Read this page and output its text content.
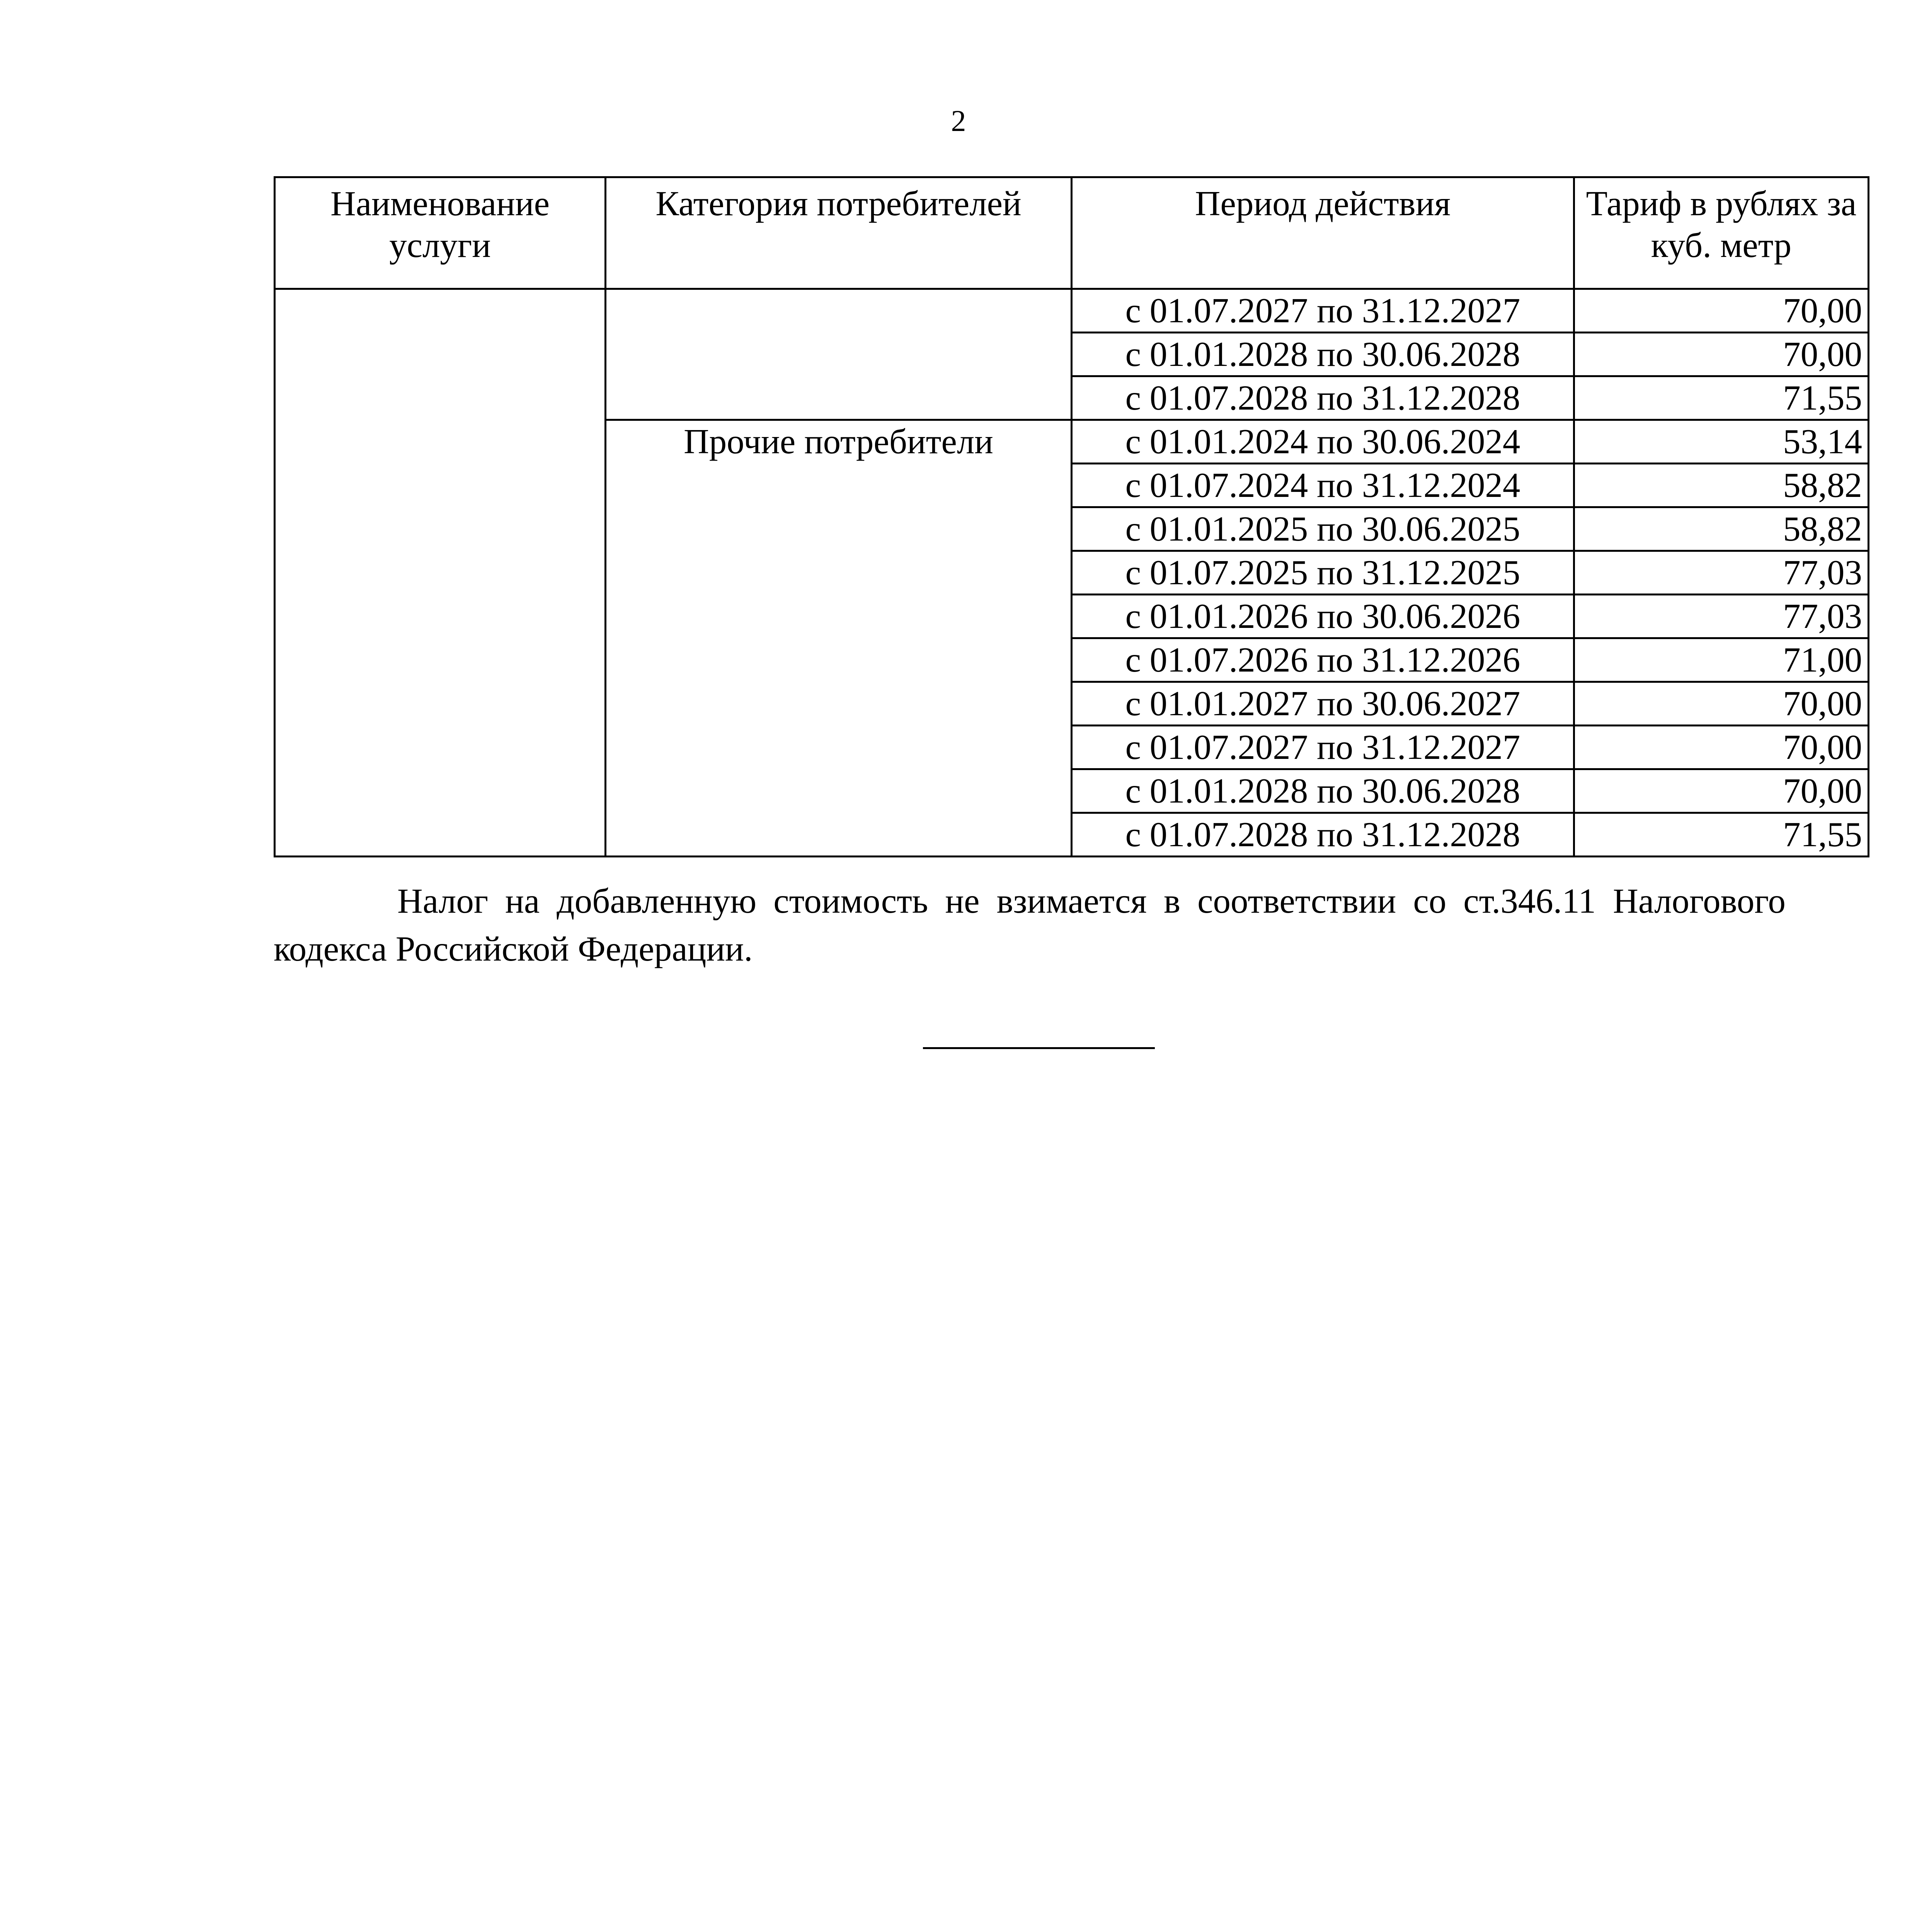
2
Наименование услуги	Категория потребителей	Период действия	Тариф в рублях за куб. метр
		с 01.07.2027 по 31.12.2027	70,00
		с 01.01.2028 по 30.06.2028	70,00
		с 01.07.2028 по 31.12.2028	71,55
	Прочие потребители	с 01.01.2024 по 30.06.2024	53,14
		с 01.07.2024 по 31.12.2024	58,82
		с 01.01.2025 по 30.06.2025	58,82
		с 01.07.2025 по 31.12.2025	77,03
		с 01.01.2026 по 30.06.2026	77,03
		с 01.07.2026 по 31.12.2026	71,00
		с 01.01.2027 по 30.06.2027	70,00
		с 01.07.2027 по 31.12.2027	70,00
		с 01.01.2028 по 30.06.2028	70,00
		с 01.07.2028 по 31.12.2028	71,55

Налог на добавленную стоимость не взимается в соответствии со ст.346.11 Налогового кодекса Российской Федерации.
